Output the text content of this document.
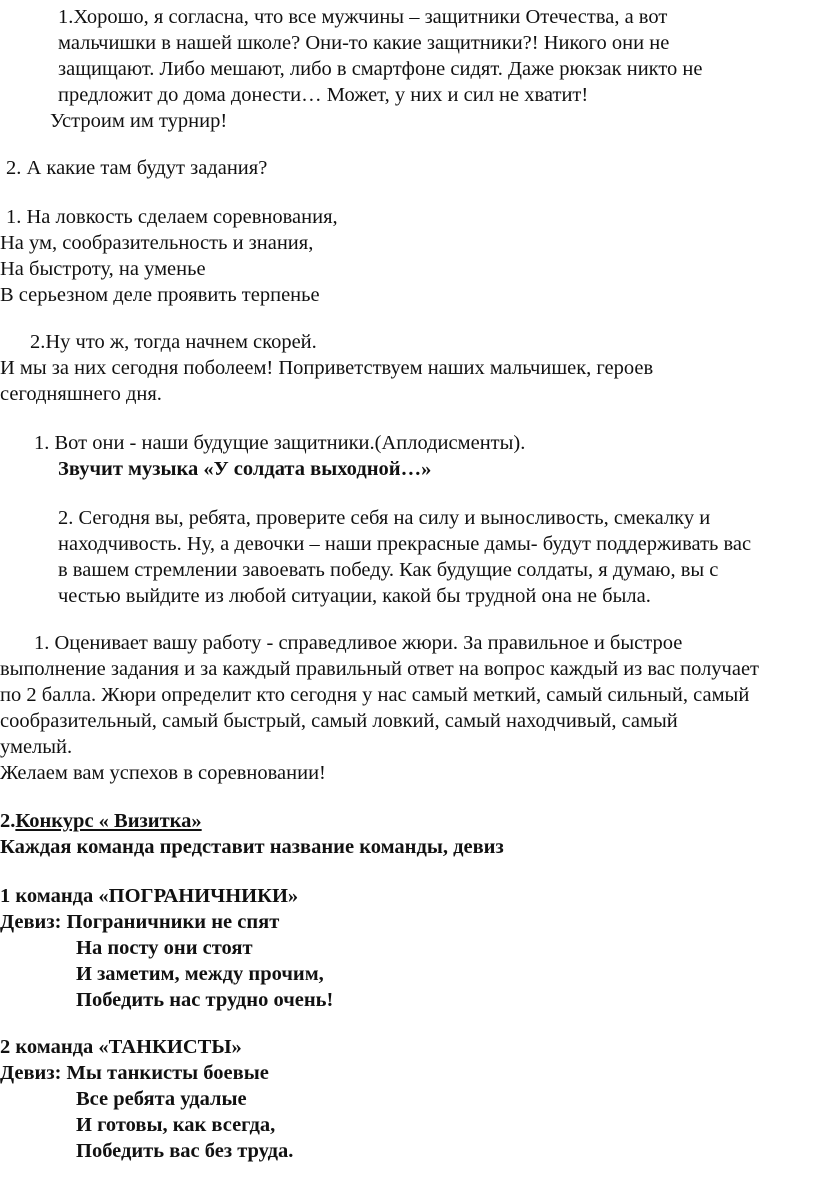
1.Хорошо, я согласна, что все мужчины – защитники Отечества, а вот

мальчишки в нашей школе? Они-то какие защитники?! Никого они не

защищают. Либо мешают, либо в смартфоне сидят. Даже рюкзак никто не

предложит до дома донести… Может, у них и сил не хватит!

Устроим им турнир!

2. А какие там будут задания?

1. На ловкость сделаем соревнования,

На ум, сообразительность и знания,

На быстроту, на уменье

В серьезном деле проявить терпенье

2.Ну что ж, тогда начнем скорей.

И мы за них сегодня поболеем! Поприветствуем наших мальчишек, героев

сегодняшнего дня.

1. Вот они - наши будущие защитники.(Аплодисменты).

Звучит музыка «У солдата выходной…»

2. Сегодня вы, ребята, проверите себя на силу и выносливость, смекалку и

находчивость. Ну, а девочки – наши прекрасные дамы- будут поддерживать вас

в вашем стремлении завоевать победу. Как будущие солдаты, я думаю, вы с

честью выйдите из любой ситуации, какой бы трудной она не была.

1. Оценивает вашу работу - справедливое жюри. За правильное и быстрое

выполнение задания и за каждый правильный ответ на вопрос каждый из вас получает

по 2 балла. Жюри определит кто сегодня у нас самый меткий, самый сильный, самый

сообразительный, самый быстрый, самый ловкий, самый находчивый, самый

умелый.

Желаем вам успехов в соревновании!

2.Конкурс « Визитка»

Каждая команда представит название команды, девиз

1 команда «ПОГРАНИЧНИКИ»

Девиз: Пограничники не спят

На посту они стоят

И заметим, между прочим,

Победить нас трудно очень!

2 команда «ТАНКИСТЫ»

Девиз: Мы танкисты боевые

Все ребята удалые

И готовы, как всегда,

Победить вас без труда.
